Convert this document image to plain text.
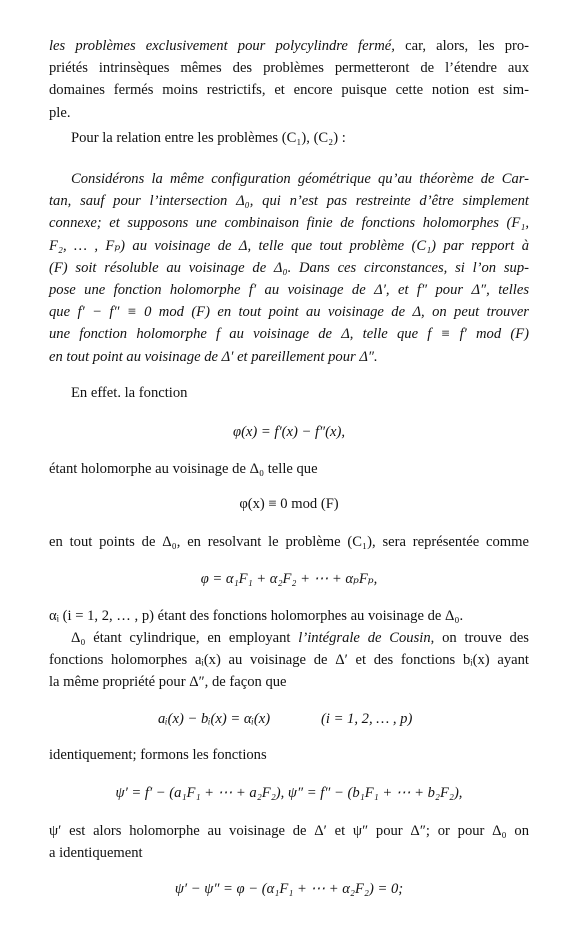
les problèmes exclusivement pour polycylindre fermé, car, alors, les pro-
priétés intrinsèques mêmes des problèmes permetteront de l’étendre aux
domaines fermés moins restrictifs, et encore puisque cette notion est sim-
ple.
Pour la relation entre les problèmes (C₁), (C₂) :
Considérons la même configuration géométrique qu’au théorème de Car-
tan, sauf pour l’intersection Δ₀, qui n’est pas restreinte d’être simplement
connexe; et supposons une combinaison finie de fonctions holomorphes (F₁,
F₂, … , Fₚ) au voisinage de Δ, telle que tout problème (C₁) par repport à
(F) soit résoluble au voisinage de Δ₀. Dans ces circonstances, si l’on sup-
pose une fonction holomorphe f′ au voisinage de Δ′, et f″ pour Δ″, telles
que f′ − f″ ≡ 0 mod (F) en tout point au voisinage de Δ, on peut trouver
une fonction holomorphe f au voisinage de Δ, telle que f ≡ f′ mod (F)
en tout point au voisinage de Δ′ et pareillement pour Δ″.
En effet. la fonction
φ(x) = f′(x) − f″(x),
étant holomorphe au voisinage de Δ₀ telle que
φ(x) ≡ 0 mod (F)
en tout points de Δ₀, en resolvant le problème (C₁), sera représentée comme
φ = α₁F₁ + α₂F₂ + ⋯ + αₚFₚ,
αᵢ (i = 1, 2, … , p) étant des fonctions holomorphes au voisinage de Δ₀.
Δ₀ étant cylindrique, en employant l’intégrale de Cousin, on trouve des
fonctions holomorphes aᵢ(x) au voisinage de Δ′ et des fonctions bᵢ(x) ayant
la même propriété pour Δ″, de façon que
aᵢ(x) − bᵢ(x) = αᵢ(x)	(i = 1, 2, … , p)
identiquement; formons les fonctions
ψ′ = f′ − (a₁F₁ + ⋯ + a₂F₂), ψ″ = f″ − (b₁F₁ + ⋯ + b₂F₂),
ψ′ est alors holomorphe au voisinage de Δ′ et ψ″ pour Δ″; or pour Δ₀ on
a identiquement
ψ′ − ψ″ = φ − (α₁F₁ + ⋯ + α₂F₂) = 0;
